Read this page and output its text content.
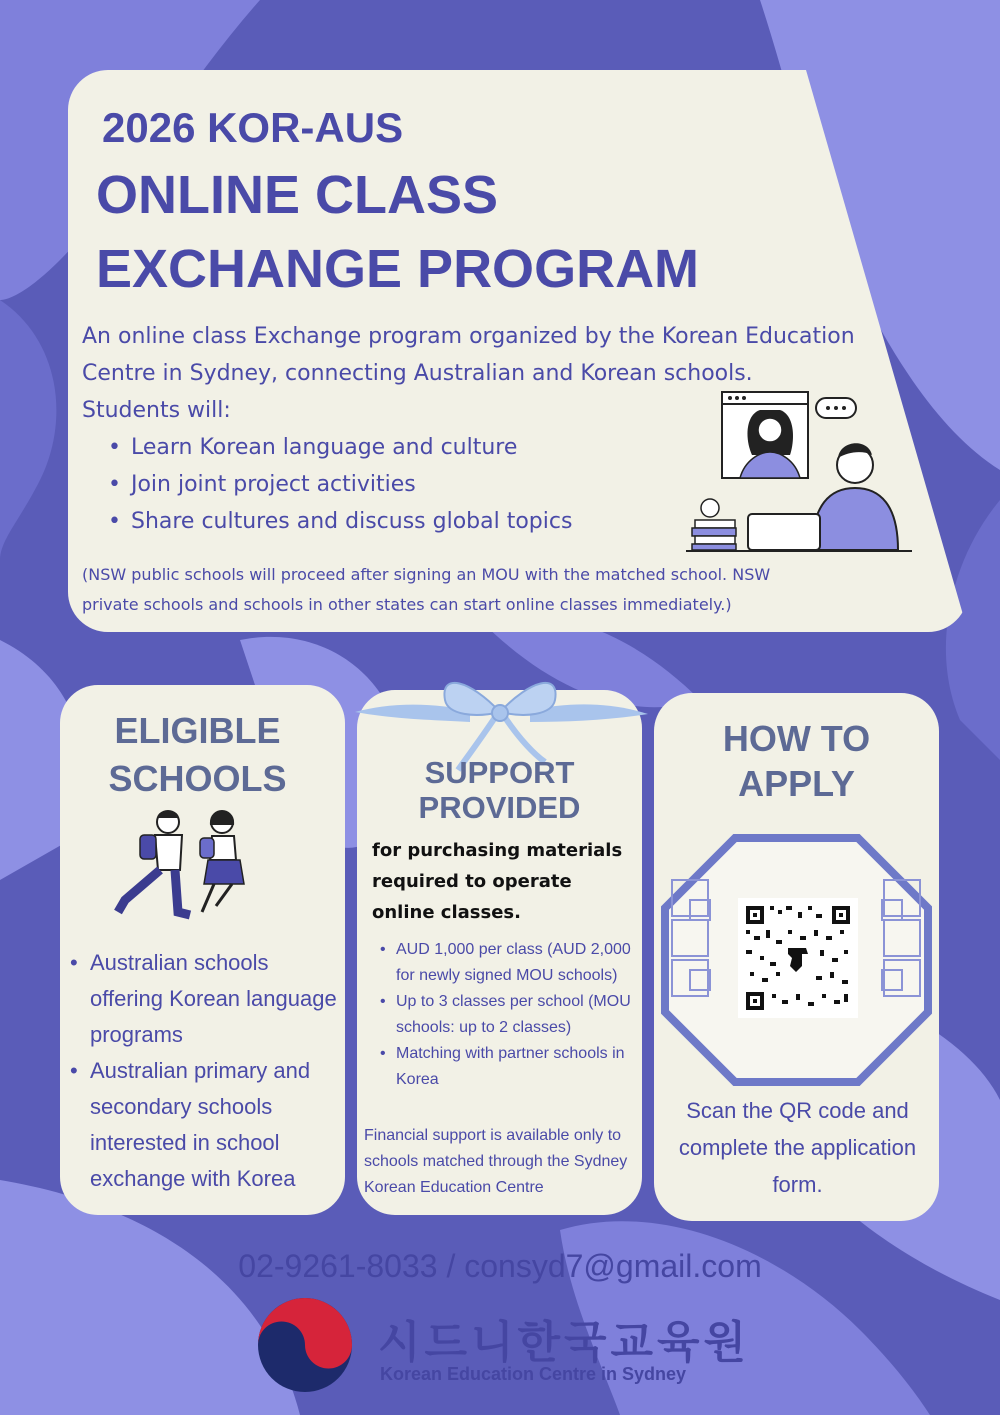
2026 KOR-AUS
ONLINE CLASS
EXCHANGE PROGRAM
An online class Exchange program organized by the Korean Education
Centre in Sydney, connecting Australian and Korean schools.
Students will:
• Learn Korean language and culture
• Join joint project activities
• Share cultures and discuss global topics
(NSW public schools will proceed after signing an MOU with the matched school. NSW
private schools and schools in other states can start online classes immediately.)
ELIGIBLE
SCHOOLS
• Australian schools offering Korean language programs
• Australian primary and secondary schools interested in school exchange with Korea
SUPPORT
PROVIDED
for purchasing materials required to operate online classes.
• AUD 1,000 per class (AUD 2,000 for newly signed MOU schools)
• Up to 3 classes per school (MOU schools: up to 2 classes)
• Matching with partner schools in Korea
Financial support is available only to schools matched through the Sydney Korean Education Centre
HOW TO
APPLY
Scan the QR code and complete the application form.
02-9261-8033 / consyd7@gmail.com
시드니한국교육원
Korean Education Centre in Sydney
